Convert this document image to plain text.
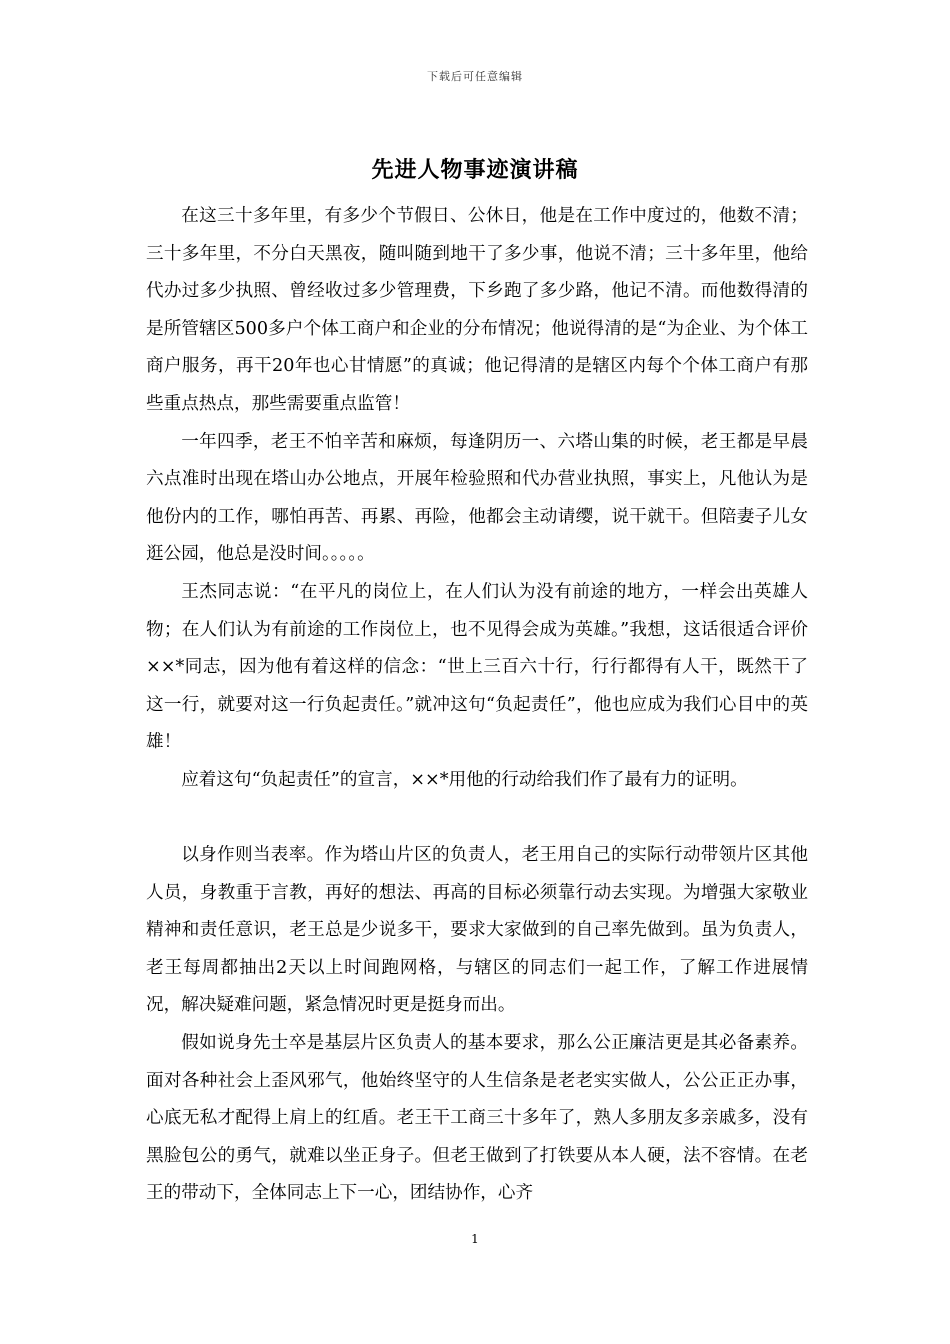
下载后可任意编辑
先进人物事迹演讲稿

在这三十多年里，有多少个节假日、公休日，他是在工作中度过的，他数不清；三十多年里，不分白天黑夜，随叫随到地干了多少事，他说不清；三十多年里，他给代办过多少执照、曾经收过多少管理费，下乡跑了多少路，他记不清。而他数得清的是所管辖区500多户个体工商户和企业的分布情况；他说得清的是“为企业、为个体工商户服务，再干20年也心甘情愿”的真诚；他记得清的是辖区内每个个体工商户有那些重点热点，那些需要重点监管！

一年四季，老王不怕辛苦和麻烦，每逢阴历一、六塔山集的时候，老王都是早晨六点准时出现在塔山办公地点，开展年检验照和代办营业执照，事实上，凡他认为是他份内的工作，哪怕再苦、再累、再险，他都会主动请缨，说干就干。但陪妻子儿女逛公园，他总是没时间。。。。。

王杰同志说：“在平凡的岗位上，在人们认为没有前途的地方，一样会出英雄人物；在人们认为有前途的工作岗位上，也不见得会成为英雄。”我想，这话很适合评价××*同志，因为他有着这样的信念：“世上三百六十行，行行都得有人干，既然干了这一行，就要对这一行负起责任。”就冲这句“负起责任”，他也应成为我们心目中的英雄！

应着这句“负起责任”的宣言，××*用他的行动给我们作了最有力的证明。

以身作则当表率。作为塔山片区的负责人，老王用自己的实际行动带领片区其他人员，身教重于言教，再好的想法、再高的目标必须靠行动去实现。为增强大家敬业精神和责任意识，老王总是少说多干，要求大家做到的自己率先做到。虽为负责人，老王每周都抽出2天以上时间跑网格，与辖区的同志们一起工作，了解工作进展情况，解决疑难问题，紧急情况时更是挺身而出。

假如说身先士卒是基层片区负责人的基本要求，那么公正廉洁更是其必备素养。面对各种社会上歪风邪气，他始终坚守的人生信条是老老实实做人，公公正正办事，心底无私才配得上肩上的红盾。老王干工商三十多年了，熟人多朋友多亲戚多，没有黑脸包公的勇气，就难以坐正身子。但老王做到了打铁要从本人硬，法不容情。在老王的带动下，全体同志上下一心，团结协作，心齐

1
